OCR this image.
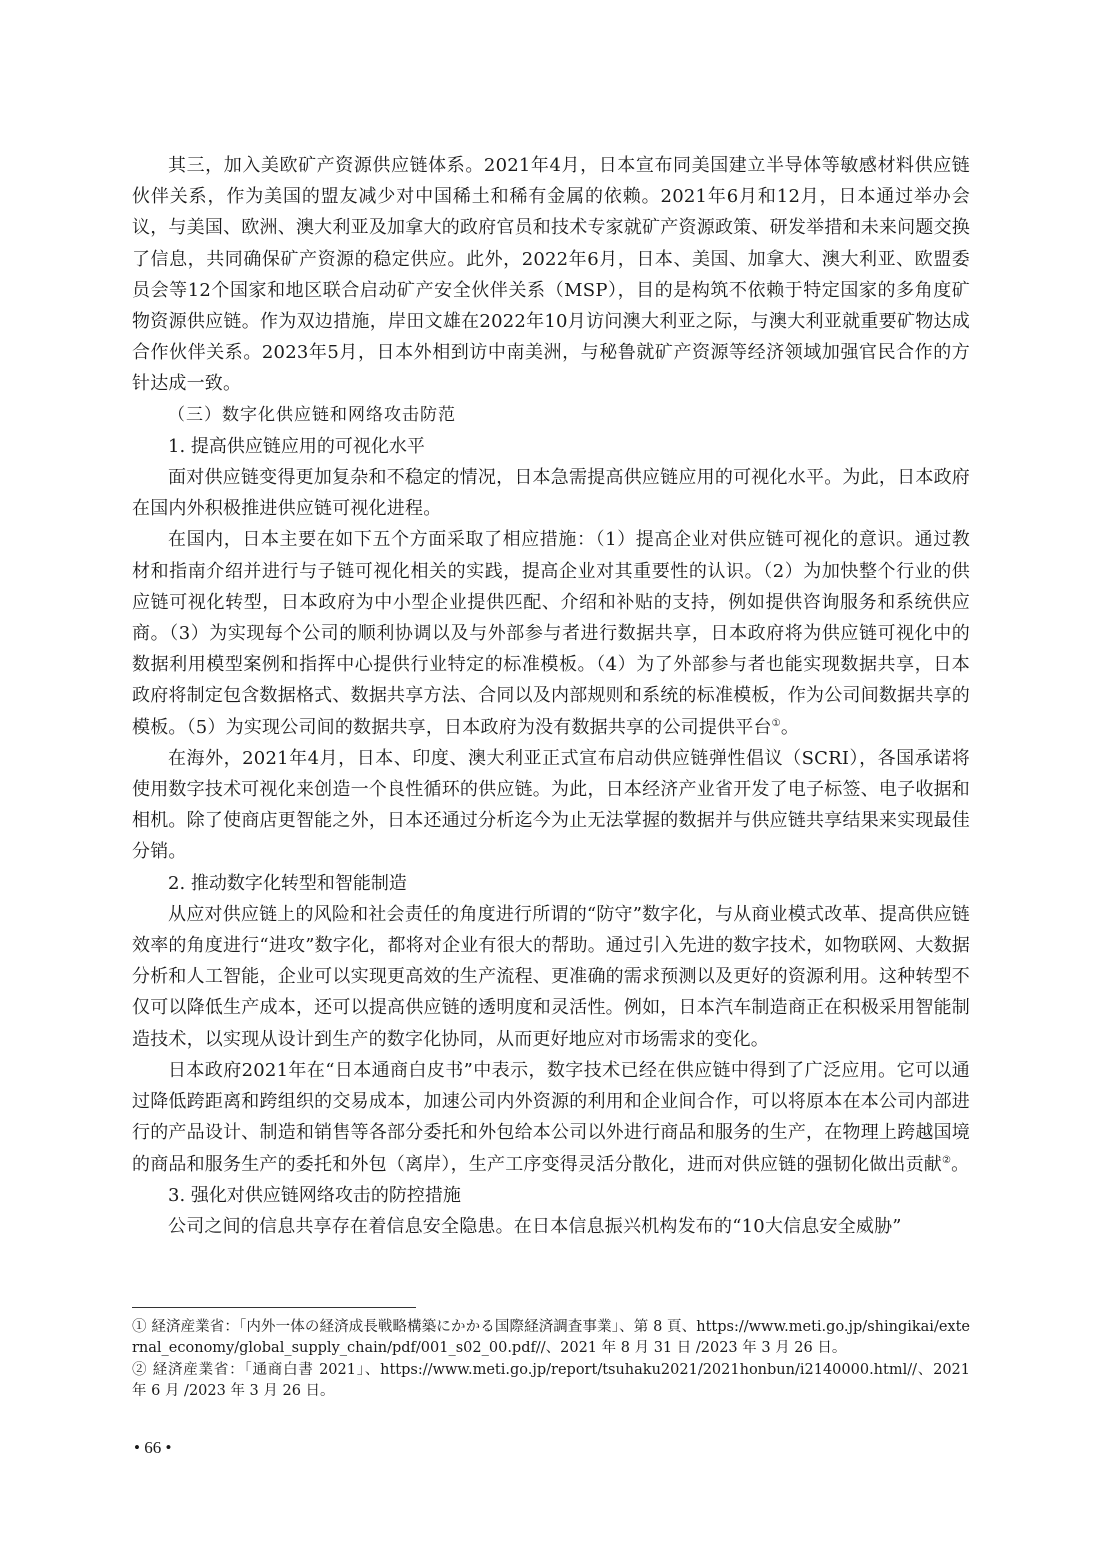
其三，加入美欧矿产资源供应链体系。2021年4月，日本宣布同美国建立半导体等敏感材料供应链伙伴关系，作为美国的盟友减少对中国稀土和稀有金属的依赖。2021年6月和12月，日本通过举办会议，与美国、欧洲、澳大利亚及加拿大的政府官员和技术专家就矿产资源政策、研发举措和未来问题交换了信息，共同确保矿产资源的稳定供应。此外，2022年6月，日本、美国、加拿大、澳大利亚、欧盟委员会等12个国家和地区联合启动矿产安全伙伴关系（MSP），目的是构筑不依赖于特定国家的多角度矿物资源供应链。作为双边措施，岸田文雄在2022年10月访问澳大利亚之际，与澳大利亚就重要矿物达成合作伙伴关系。2023年5月，日本外相到访中南美洲，与秘鲁就矿产资源等经济领域加强官民合作的方针达成一致。

（三）数字化供应链和网络攻击防范

1. 提高供应链应用的可视化水平

面对供应链变得更加复杂和不稳定的情况，日本急需提高供应链应用的可视化水平。为此，日本政府在国内外积极推进供应链可视化进程。

在国内，日本主要在如下五个方面采取了相应措施：（1）提高企业对供应链可视化的意识。通过教材和指南介绍并进行与子链可视化相关的实践，提高企业对其重要性的认识。（2）为加快整个行业的供应链可视化转型，日本政府为中小型企业提供匹配、介绍和补贴的支持，例如提供咨询服务和系统供应商。（3）为实现每个公司的顺利协调以及与外部参与者进行数据共享，日本政府将为供应链可视化中的数据利用模型案例和指挥中心提供行业特定的标准模板。（4）为了外部参与者也能实现数据共享，日本政府将制定包含数据格式、数据共享方法、合同以及内部规则和系统的标准模板，作为公司间数据共享的模板。（5）为实现公司间的数据共享，日本政府为没有数据共享的公司提供平台①。

在海外，2021年4月，日本、印度、澳大利亚正式宣布启动供应链弹性倡议（SCRI），各国承诺将使用数字技术可视化来创造一个良性循环的供应链。为此，日本经济产业省开发了电子标签、电子收据和相机。除了使商店更智能之外，日本还通过分析迄今为止无法掌握的数据并与供应链共享结果来实现最佳分销。

2. 推动数字化转型和智能制造

从应对供应链上的风险和社会责任的角度进行所谓的“防守”数字化，与从商业模式改革、提高供应链效率的角度进行“进攻”数字化，都将对企业有很大的帮助。通过引入先进的数字技术，如物联网、大数据分析和人工智能，企业可以实现更高效的生产流程、更准确的需求预测以及更好的资源利用。这种转型不仅可以降低生产成本，还可以提高供应链的透明度和灵活性。例如，日本汽车制造商正在积极采用智能制造技术，以实现从设计到生产的数字化协同，从而更好地应对市场需求的变化。

日本政府2021年在“日本通商白皮书”中表示，数字技术已经在供应链中得到了广泛应用。它可以通过降低跨距离和跨组织的交易成本，加速公司内外资源的利用和企业间合作，可以将原本在本公司内部进行的产品设计、制造和销售等各部分委托和外包给本公司以外进行商品和服务的生产，在物理上跨越国境的商品和服务生产的委托和外包（离岸），生产工序变得灵活分散化，进而对供应链的强韧化做出贡献②。

3. 强化对供应链网络攻击的防控措施

公司之间的信息共享存在着信息安全隐患。在日本信息振兴机构发布的“10大信息安全威胁”

① 経済産業省：「内外一体の経済成長戦略構築にかかる国際経済調査事業」、第 8 頁、https://www.meti.go.jp/shingikai/external_economy/global_supply_chain/pdf/001_s02_00.pdf//、2021 年 8 月 31 日 /2023 年 3 月 26 日。

② 経済産業省：「通商白書 2021」、https://www.meti.go.jp/report/tsuhaku2021/2021honbun/i2140000.html//、2021 年 6 月 /2023 年 3 月 26 日。

• 66 •
